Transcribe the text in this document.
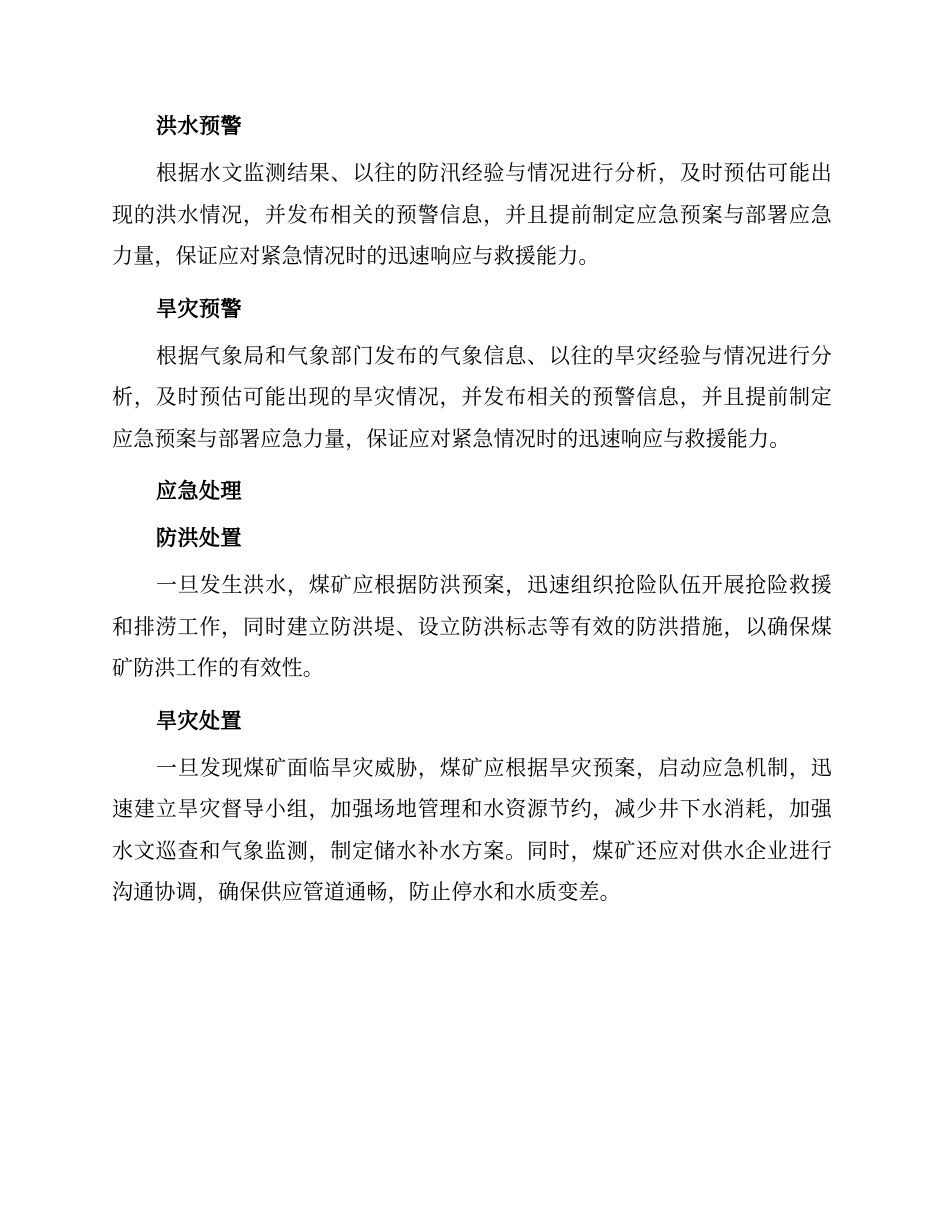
洪水预警

根据水文监测结果、以往的防汛经验与情况进行分析，及时预估可能出现的洪水情况，并发布相关的预警信息，并且提前制定应急预案与部署应急力量，保证应对紧急情况时的迅速响应与救援能力。

旱灾预警

根据气象局和气象部门发布的气象信息、以往的旱灾经验与情况进行分析，及时预估可能出现的旱灾情况，并发布相关的预警信息，并且提前制定应急预案与部署应急力量，保证应对紧急情况时的迅速响应与救援能力。

应急处理
防洪处置

一旦发生洪水，煤矿应根据防洪预案，迅速组织抢险队伍开展抢险救援和排涝工作，同时建立防洪堤、设立防洪标志等有效的防洪措施，以确保煤矿防洪工作的有效性。

旱灾处置

一旦发现煤矿面临旱灾威胁，煤矿应根据旱灾预案，启动应急机制，迅速建立旱灾督导小组，加强场地管理和水资源节约，减少井下水消耗，加强水文巡查和气象监测，制定储水补水方案。同时，煤矿还应对供水企业进行沟通协调，确保供应管道通畅，防止停水和水质变差。
